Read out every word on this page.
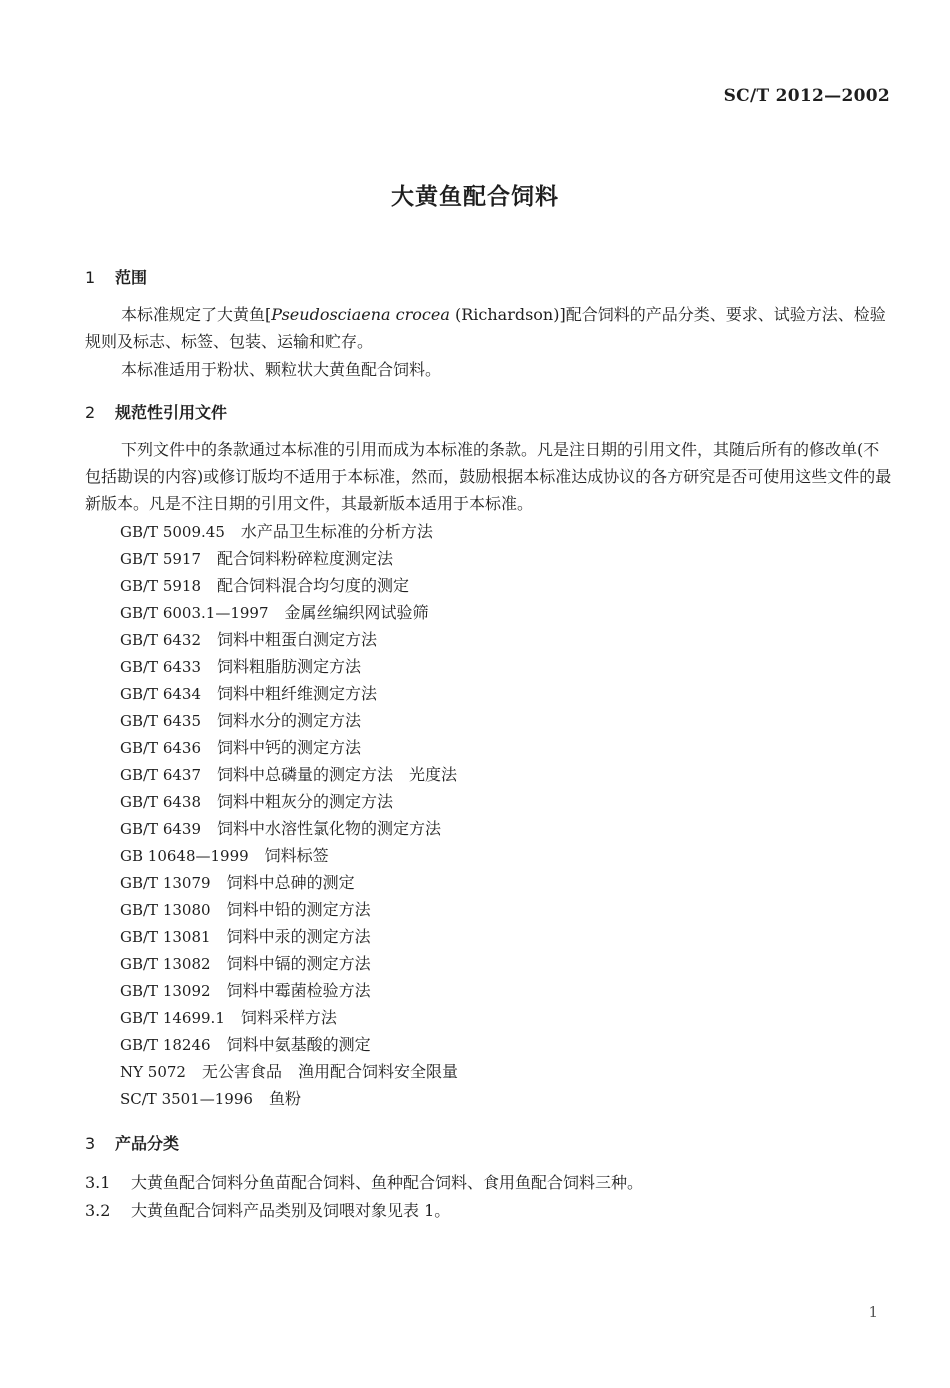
SC/T 2012—2002
大黄鱼配合饲料
1 范围
本标准规定了大黄鱼[Pseudosciaena crocea (Richardson)]配合饲料的产品分类、要求、试验方法、检验规则及标志、标签、包装、运输和贮存。
本标准适用于粉状、颗粒状大黄鱼配合饲料。
2 规范性引用文件
下列文件中的条款通过本标准的引用而成为本标准的条款。凡是注日期的引用文件，其随后所有的修改单(不包括勘误的内容)或修订版均不适用于本标准，然而，鼓励根据本标准达成协议的各方研究是否可使用这些文件的最新版本。凡是不注日期的引用文件，其最新版本适用于本标准。
GB/T 5009.45 水产品卫生标准的分析方法
GB/T 5917 配合饲料粉碎粒度测定法
GB/T 5918 配合饲料混合均匀度的测定
GB/T 6003.1—1997 金属丝编织网试验筛
GB/T 6432 饲料中粗蛋白测定方法
GB/T 6433 饲料粗脂肪测定方法
GB/T 6434 饲料中粗纤维测定方法
GB/T 6435 饲料水分的测定方法
GB/T 6436 饲料中钙的测定方法
GB/T 6437 饲料中总磷量的测定方法　光度法
GB/T 6438 饲料中粗灰分的测定方法
GB/T 6439 饲料中水溶性氯化物的测定方法
GB 10648—1999 饲料标签
GB/T 13079 饲料中总砷的测定
GB/T 13080 饲料中铅的测定方法
GB/T 13081 饲料中汞的测定方法
GB/T 13082 饲料中镉的测定方法
GB/T 13092 饲料中霉菌检验方法
GB/T 14699.1 饲料采样方法
GB/T 18246 饲料中氨基酸的测定
NY 5072 无公害食品　渔用配合饲料安全限量
SC/T 3501—1996 鱼粉
3 产品分类
3.1 大黄鱼配合饲料分鱼苗配合饲料、鱼种配合饲料、食用鱼配合饲料三种。
3.2 大黄鱼配合饲料产品类别及饲喂对象见表 1。
1
